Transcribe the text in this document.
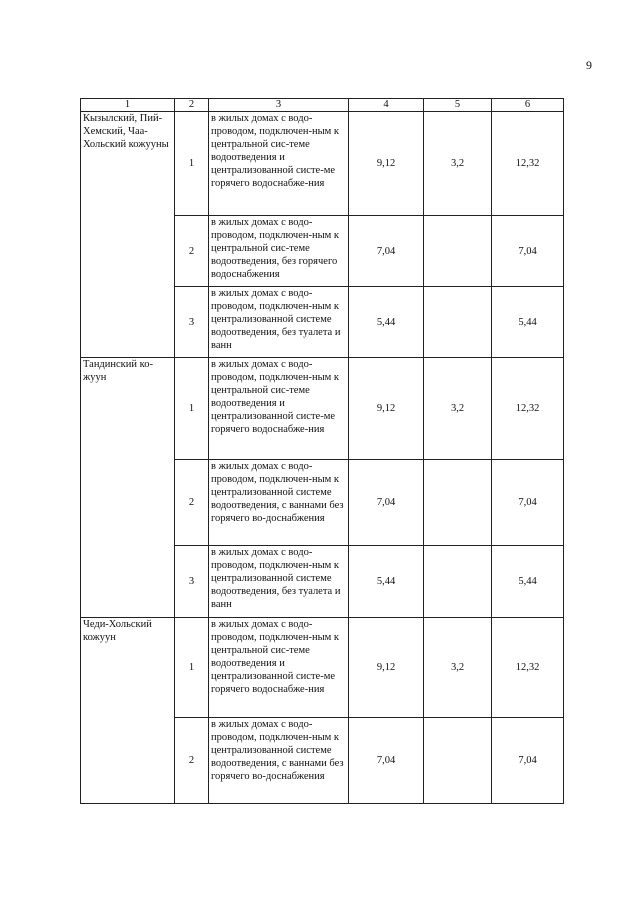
9
1	2	3	4	5	6
Кызылский, Пий-Хемский, Чаа-Хольский кожууны	1	в жилых домах с водо-проводом, подключен-ным к центральной сис-теме водоотведения и централизованной систе-ме горячего водоснабже-ния	9,12	3,2	12,32
	2	в жилых домах с водо-проводом, подключен-ным к центральной сис-теме водоотведения, без горячего водоснабжения	7,04		7,04
	3	в жилых домах с водо-проводом, подключен-ным к централизованной системе водоотведения, без туалета и ванн	5,44		5,44
Тандинский ко-жуун	1	в жилых домах с водо-проводом, подключен-ным к центральной сис-теме водоотведения и централизованной систе-ме горячего водоснабже-ния	9,12	3,2	12,32
	2	в жилых домах с водо-проводом, подключен-ным к централизованной системе водоотведения, с ваннами без горячего во-доснабжения	7,04		7,04
	3	в жилых домах с водо-проводом, подключен-ным к централизованной системе водоотведения, без туалета и ванн	5,44		5,44
Чеди-Хольский кожуун	1	в жилых домах с водо-проводом, подключен-ным к центральной сис-теме водоотведения и централизованной систе-ме горячего водоснабже-ния	9,12	3,2	12,32
	2	в жилых домах с водо-проводом, подключен-ным к централизованной системе водоотведения, с ваннами без горячего во-доснабжения	7,04		7,04
